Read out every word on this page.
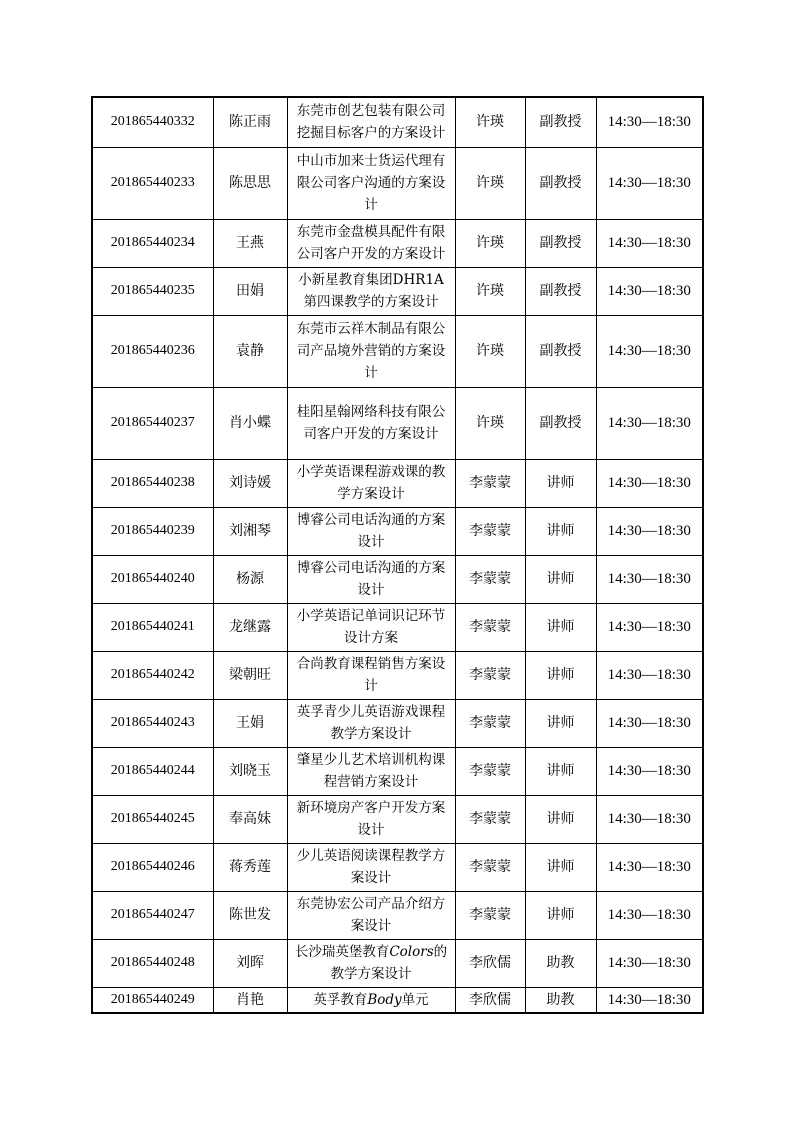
201865440332	陈正雨	东莞市创艺包装有限公司挖掘目标客户的方案设计	许瑛	副教授	14:30—18:30
201865440233	陈思思	中山市加来士货运代理有限公司客户沟通的方案设计	许瑛	副教授	14:30—18:30
201865440234	王燕	东莞市金盘模具配件有限公司客户开发的方案设计	许瑛	副教授	14:30—18:30
201865440235	田娟	小新星教育集团DHR1A第四课教学的方案设计	许瑛	副教授	14:30—18:30
201865440236	袁静	东莞市云祥木制品有限公司产品境外营销的方案设计	许瑛	副教授	14:30—18:30
201865440237	肖小蝶	桂阳星翰网络科技有限公司客户开发的方案设计	许瑛	副教授	14:30—18:30
201865440238	刘诗媛	小学英语课程游戏课的教学方案设计	李蒙蒙	讲师	14:30—18:30
201865440239	刘湘琴	博睿公司电话沟通的方案设计	李蒙蒙	讲师	14:30—18:30
201865440240	杨源	博睿公司电话沟通的方案设计	李蒙蒙	讲师	14:30—18:30
201865440241	龙继露	小学英语记单词识记环节设计方案	李蒙蒙	讲师	14:30—18:30
201865440242	梁朝旺	合尚教育课程销售方案设计	李蒙蒙	讲师	14:30—18:30
201865440243	王娟	英孚青少儿英语游戏课程教学方案设计	李蒙蒙	讲师	14:30—18:30
201865440244	刘晓玉	肇星少儿艺术培训机构课程营销方案设计	李蒙蒙	讲师	14:30—18:30
201865440245	奉高妹	新环境房产客户开发方案设计	李蒙蒙	讲师	14:30—18:30
201865440246	蒋秀莲	少儿英语阅读课程教学方案设计	李蒙蒙	讲师	14:30—18:30
201865440247	陈世发	东莞协宏公司产品介绍方案设计	李蒙蒙	讲师	14:30—18:30
201865440248	刘晖	长沙瑞英堡教育Colors的教学方案设计	李欣儒	助教	14:30—18:30
201865440249	肖艳	英孚教育Body单元	李欣儒	助教	14:30—18:30
